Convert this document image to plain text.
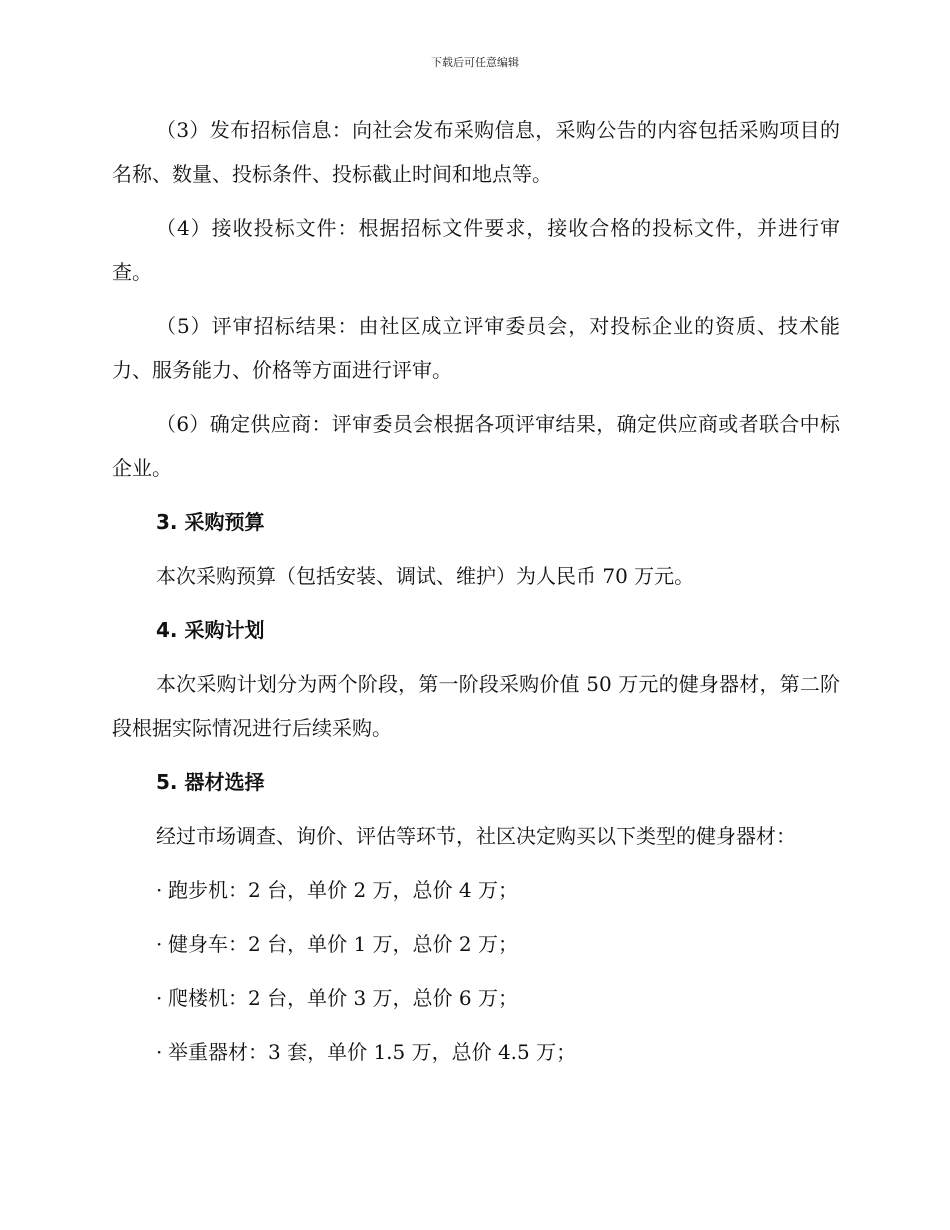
下载后可任意编辑

（3）发布招标信息：向社会发布采购信息，采购公告的内容包括采购项目的名称、数量、投标条件、投标截止时间和地点等。

（4）接收投标文件：根据招标文件要求，接收合格的投标文件，并进行审查。

（5）评审招标结果：由社区成立评审委员会，对投标企业的资质、技术能力、服务能力、价格等方面进行评审。

（6）确定供应商：评审委员会根据各项评审结果，确定供应商或者联合中标企业。

3. 采购预算

本次采购预算（包括安装、调试、维护）为人民币 70 万元。

4. 采购计划

本次采购计划分为两个阶段，第一阶段采购价值 50 万元的健身器材，第二阶段根据实际情况进行后续采购。

5. 器材选择

经过市场调查、询价、评估等环节，社区决定购买以下类型的健身器材：

· 跑步机：2 台，单价 2 万，总价 4 万；
· 健身车：2 台，单价 1 万，总价 2 万；
· 爬楼机：2 台，单价 3 万，总价 6 万；
· 举重器材：3 套，单价 1.5 万，总价 4.5 万；
